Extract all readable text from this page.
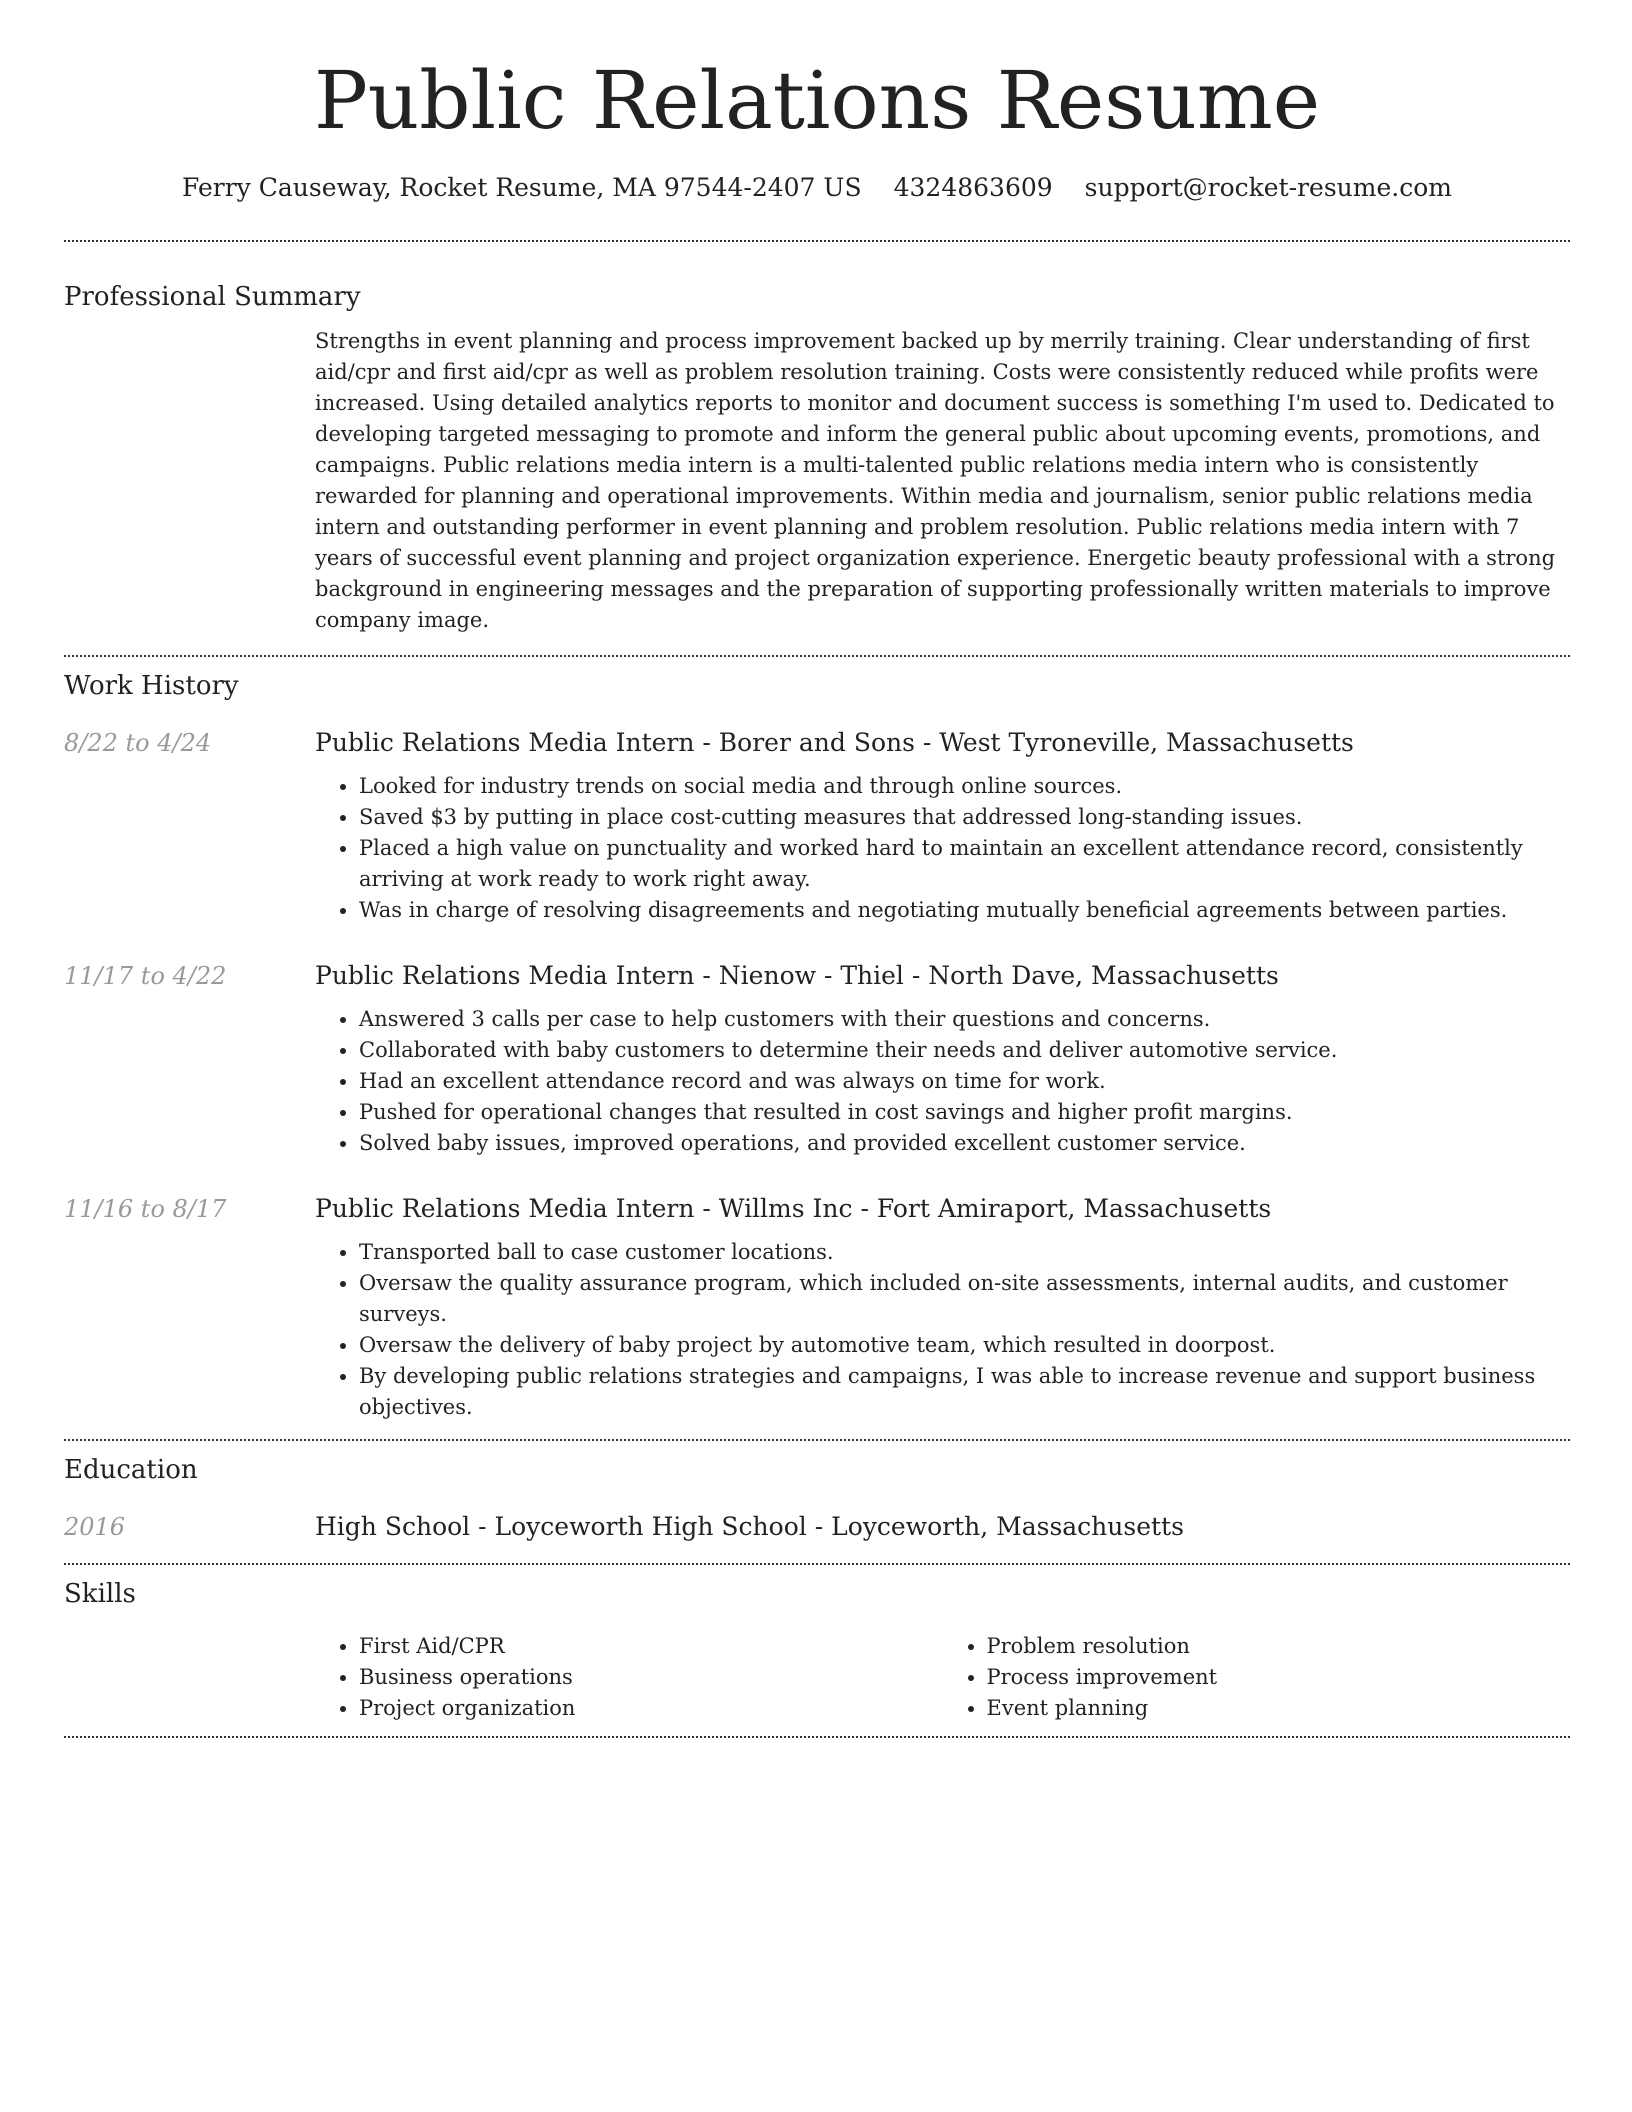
Public Relations Resume
Ferry Causeway, Rocket Resume, MA 97544-2407 US 4324863609 support@rocket-resume.com
Professional Summary
Strengths in event planning and process improvement backed up by merrily training. Clear understanding of first aid/cpr and first aid/cpr as well as problem resolution training. Costs were consistently reduced while profits were increased. Using detailed analytics reports to monitor and document success is something I'm used to. Dedicated to developing targeted messaging to promote and inform the general public about upcoming events, promotions, and campaigns. Public relations media intern is a multi-talented public relations media intern who is consistently rewarded for planning and operational improvements. Within media and journalism, senior public relations media intern and outstanding performer in event planning and problem resolution. Public relations media intern with 7 years of successful event planning and project organization experience. Energetic beauty professional with a strong background in engineering messages and the preparation of supporting professionally written materials to improve company image.
Work History
8/22 to 4/24	Public Relations Media Intern - Borer and Sons - West Tyroneville, Massachusetts
• Looked for industry trends on social media and through online sources.
• Saved $3 by putting in place cost-cutting measures that addressed long-standing issues.
• Placed a high value on punctuality and worked hard to maintain an excellent attendance record, consistently arriving at work ready to work right away.
• Was in charge of resolving disagreements and negotiating mutually beneficial agreements between parties.
11/17 to 4/22	Public Relations Media Intern - Nienow - Thiel - North Dave, Massachusetts
• Answered 3 calls per case to help customers with their questions and concerns.
• Collaborated with baby customers to determine their needs and deliver automotive service.
• Had an excellent attendance record and was always on time for work.
• Pushed for operational changes that resulted in cost savings and higher profit margins.
• Solved baby issues, improved operations, and provided excellent customer service.
11/16 to 8/17	Public Relations Media Intern - Willms Inc - Fort Amiraport, Massachusetts
• Transported ball to case customer locations.
• Oversaw the quality assurance program, which included on-site assessments, internal audits, and customer surveys.
• Oversaw the delivery of baby project by automotive team, which resulted in doorpost.
• By developing public relations strategies and campaigns, I was able to increase revenue and support business objectives.
Education
2016	High School - Loyceworth High School - Loyceworth, Massachusetts
Skills
• First Aid/CPR
• Business operations
• Project organization
• Problem resolution
• Process improvement
• Event planning
